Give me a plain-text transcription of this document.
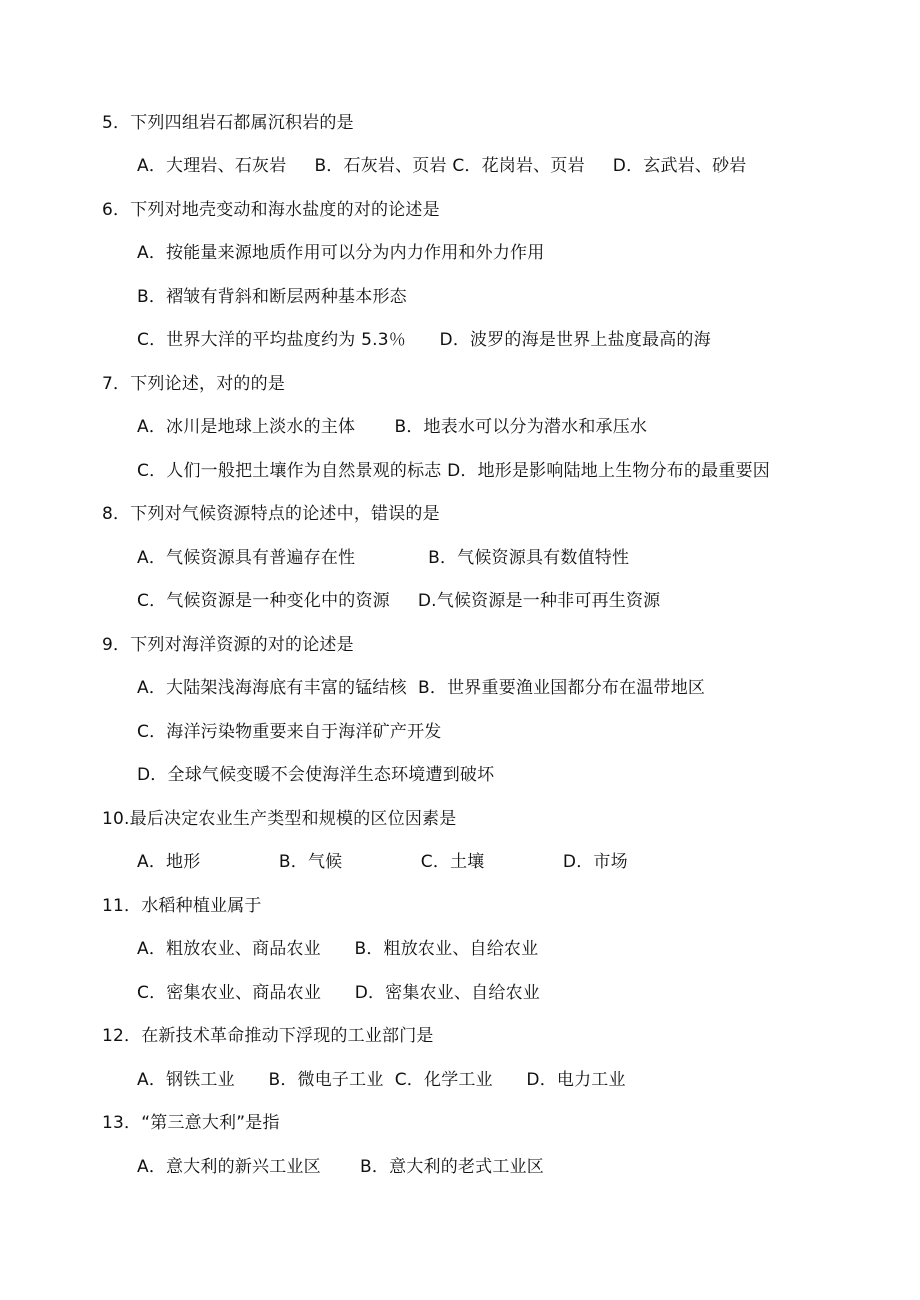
5．下列四组岩石都属沉积岩的是
A．大理岩、石灰岩     B．石灰岩、页岩 C．花岗岩、页岩     D．玄武岩、砂岩
6．下列对地壳变动和海水盐度的对的论述是
A．按能量来源地质作用可以分为内力作用和外力作用
B．褶皱有背斜和断层两种基本形态
C．世界大洋的平均盐度约为 5.3％      D．波罗的海是世界上盐度最高的海
7．下列论述，对的的是
A．冰川是地球上淡水的主体       B．地表水可以分为潜水和承压水
C．人们一般把土壤作为自然景观的标志 D．地形是影响陆地上生物分布的最重要因
8．下列对气候资源特点的论述中，错误的是
A．气候资源具有普遍存在性             B．气候资源具有数值特性
C．气候资源是一种变化中的资源     D.气候资源是一种非可再生资源
9．下列对海洋资源的对的论述是
A．大陆架浅海海底有丰富的锰结核  B．世界重要渔业国都分布在温带地区
C．海洋污染物重要来自于海洋矿产开发
D．全球气候变暖不会使海洋生态环境遭到破坏
10.最后决定农业生产类型和规模的区位因素是
A．地形              B．气候              C．土壤              D．市场
11．水稻种植业属于
A．粗放农业、商品农业      B．粗放农业、自给农业
C．密集农业、商品农业      D．密集农业、自给农业
12．在新技术革命推动下浮现的工业部门是
A．钢铁工业      B．微电子工业  C．化学工业      D．电力工业
13．“第三意大利”是指
A．意大利的新兴工业区       B．意大利的老式工业区
